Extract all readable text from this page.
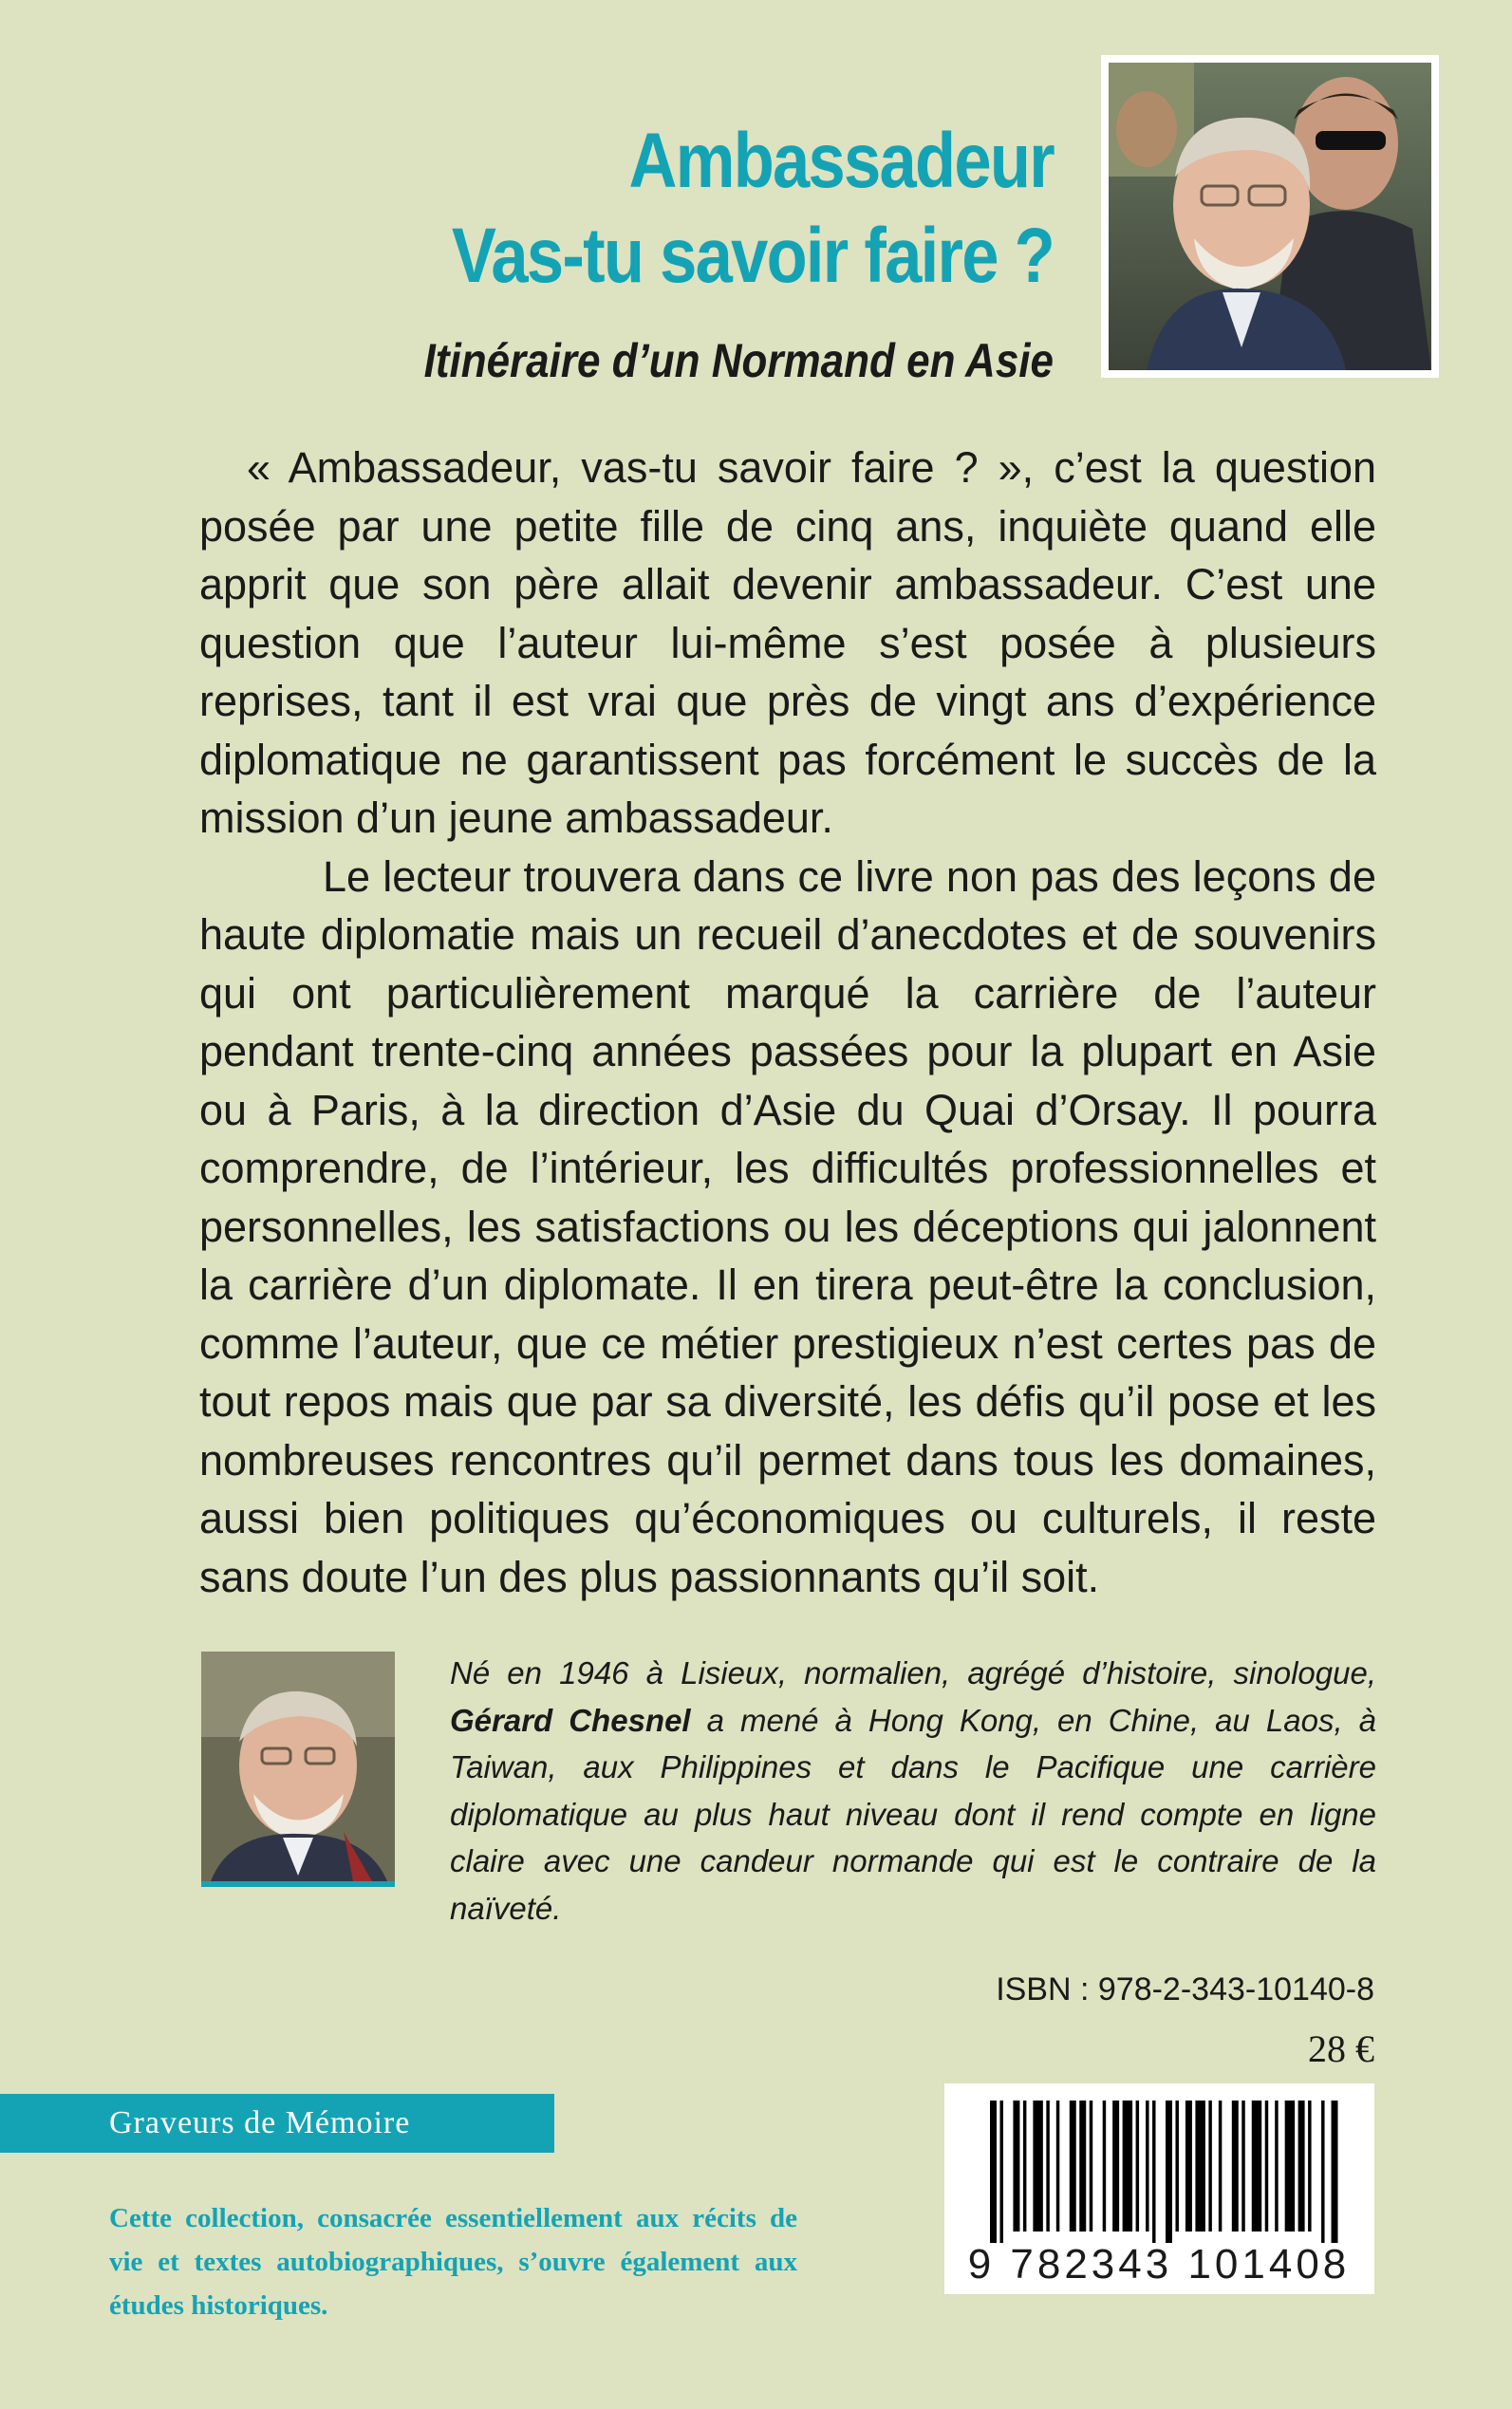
Ambassadeur
Vas-tu savoir faire ?
Itinéraire d’un Normand en Asie

« Ambassadeur, vas-tu savoir faire ? », c’est la question posée par une petite fille de cinq ans, inquiète quand elle apprit que son père allait devenir ambassadeur. C’est une question que l’auteur lui-même s’est posée à plusieurs reprises, tant il est vrai que près de vingt ans d’expérience diplomatique ne garantissent pas forcément le succès de la mission d’un jeune ambassadeur.

Le lecteur trouvera dans ce livre non pas des leçons de haute diplomatie mais un recueil d’anecdotes et de souvenirs qui ont particulièrement marqué la carrière de l’auteur pendant trente-cinq années passées pour la plupart en Asie ou à Paris, à la direction d’Asie du Quai d’Orsay. Il pourra comprendre, de l’intérieur, les difficultés professionnelles et personnelles, les satisfactions ou les déceptions qui jalonnent la carrière d’un diplomate. Il en tirera peut-être la conclusion, comme l’auteur, que ce métier prestigieux n’est certes pas de tout repos mais que par sa diversité, les défis qu’il pose et les nombreuses rencontres qu’il permet dans tous les domaines, aussi bien politiques qu’économiques ou culturels, il reste sans doute l’un des plus passionnants qu’il soit.

Né en 1946 à Lisieux, normalien, agrégé d’histoire, sinologue, Gérard Chesnel a mené à Hong Kong, en Chine, au Laos, à Taiwan, aux Philippines et dans le Pacifique une carrière diplomatique au plus haut niveau dont il rend compte en ligne claire avec une candeur normande qui est le contraire de la naïveté.
ISBN : 978-2-343-10140-8
28 €
Graveurs de Mémoire
Cette collection, consacrée essentiellement aux récits de vie et textes autobiographiques, s’ouvre également aux études historiques.
9 782343 101408
